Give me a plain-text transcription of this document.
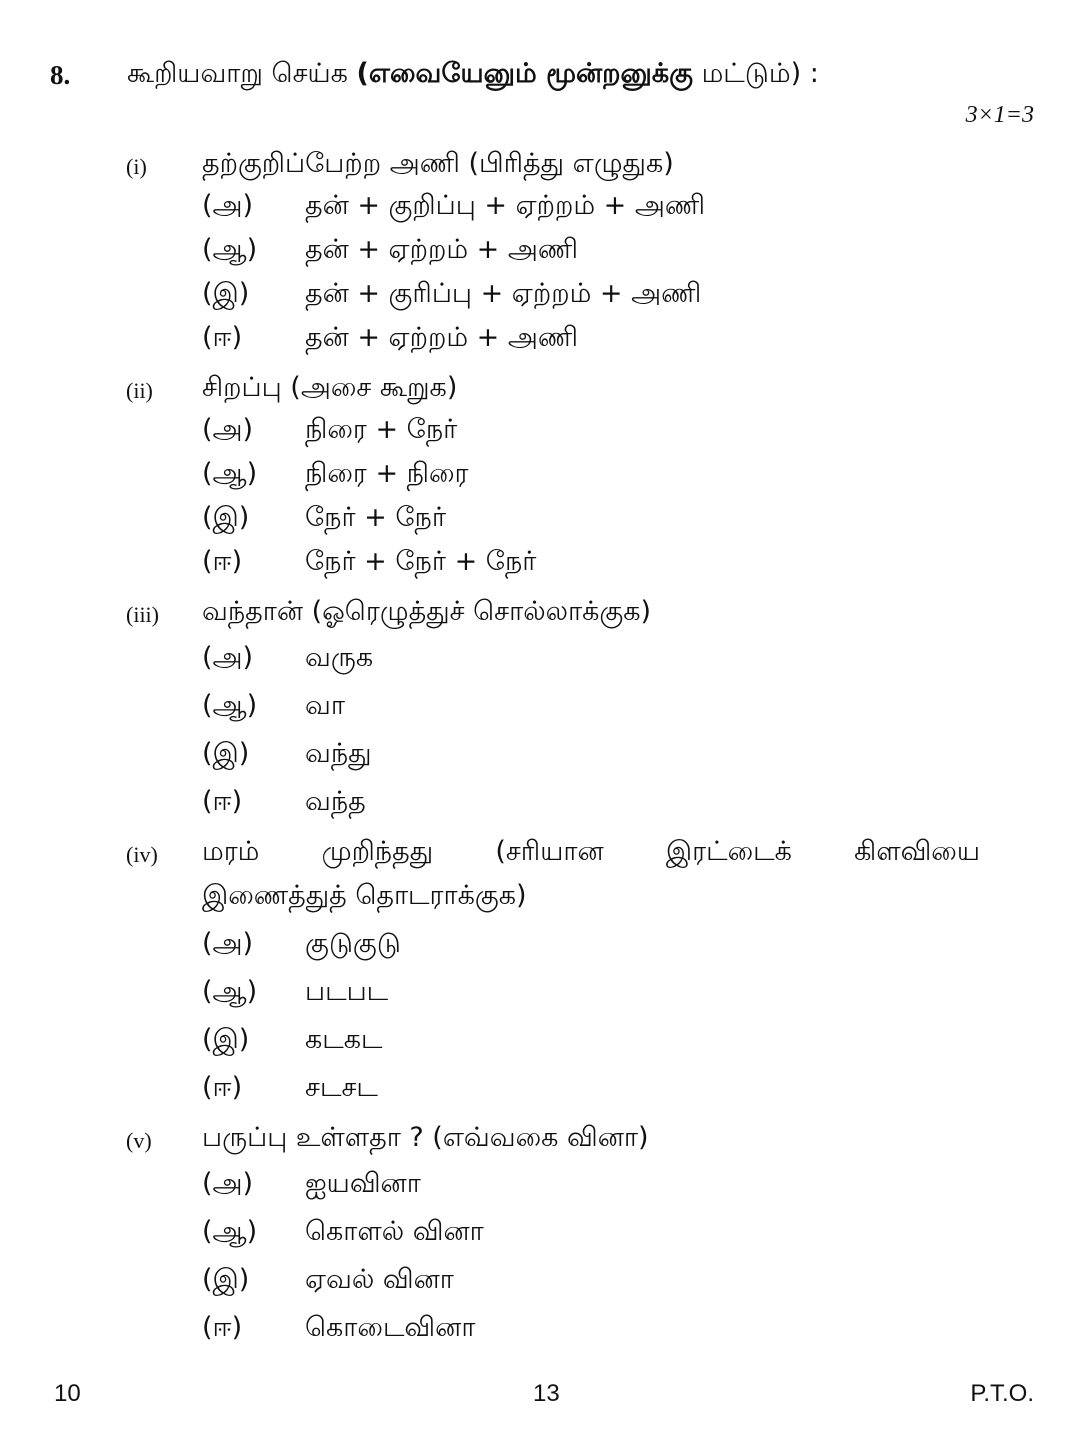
8. கூறியவாறு செய்க (எவையேனும் மூன்றனுக்கு மட்டும்) :
3×1=3
(i) தற்குறிப்பேற்ற அணி (பிரித்து எழுதுக)
(அ) தன் + குறிப்பு + ஏற்றம் + அணி
(ஆ) தன் + ஏற்றம் + அணி
(இ) தன் + குரிப்பு + ஏற்றம் + அணி
(ஈ) தன் + ஏற்றம் + அணி
(ii) சிறப்பு (அசை கூறுக)
(அ) நிரை + நேர்
(ஆ) நிரை + நிரை
(இ) நேர் + நேர்
(ஈ) நேர் + நேர் + நேர்
(iii) வந்தான் (ஓரெழுத்துச் சொல்லாக்குக)
(அ) வருக
(ஆ) வா
(இ) வந்து
(ஈ) வந்த
(iv) மரம் முறிந்தது (சரியான இரட்டைக் கிளவியை
இணைத்துத் தொடராக்குக)
(அ) குடுகுடு
(ஆ) படபட
(இ) கடகட
(ஈ) சடசட
(v) பருப்பு உள்ளதா ? (எவ்வகை வினா)
(அ) ஐயவினா
(ஆ) கொளல் வினா
(இ) ஏவல் வினா
(ஈ) கொடைவினா
10	13	P.T.O.
